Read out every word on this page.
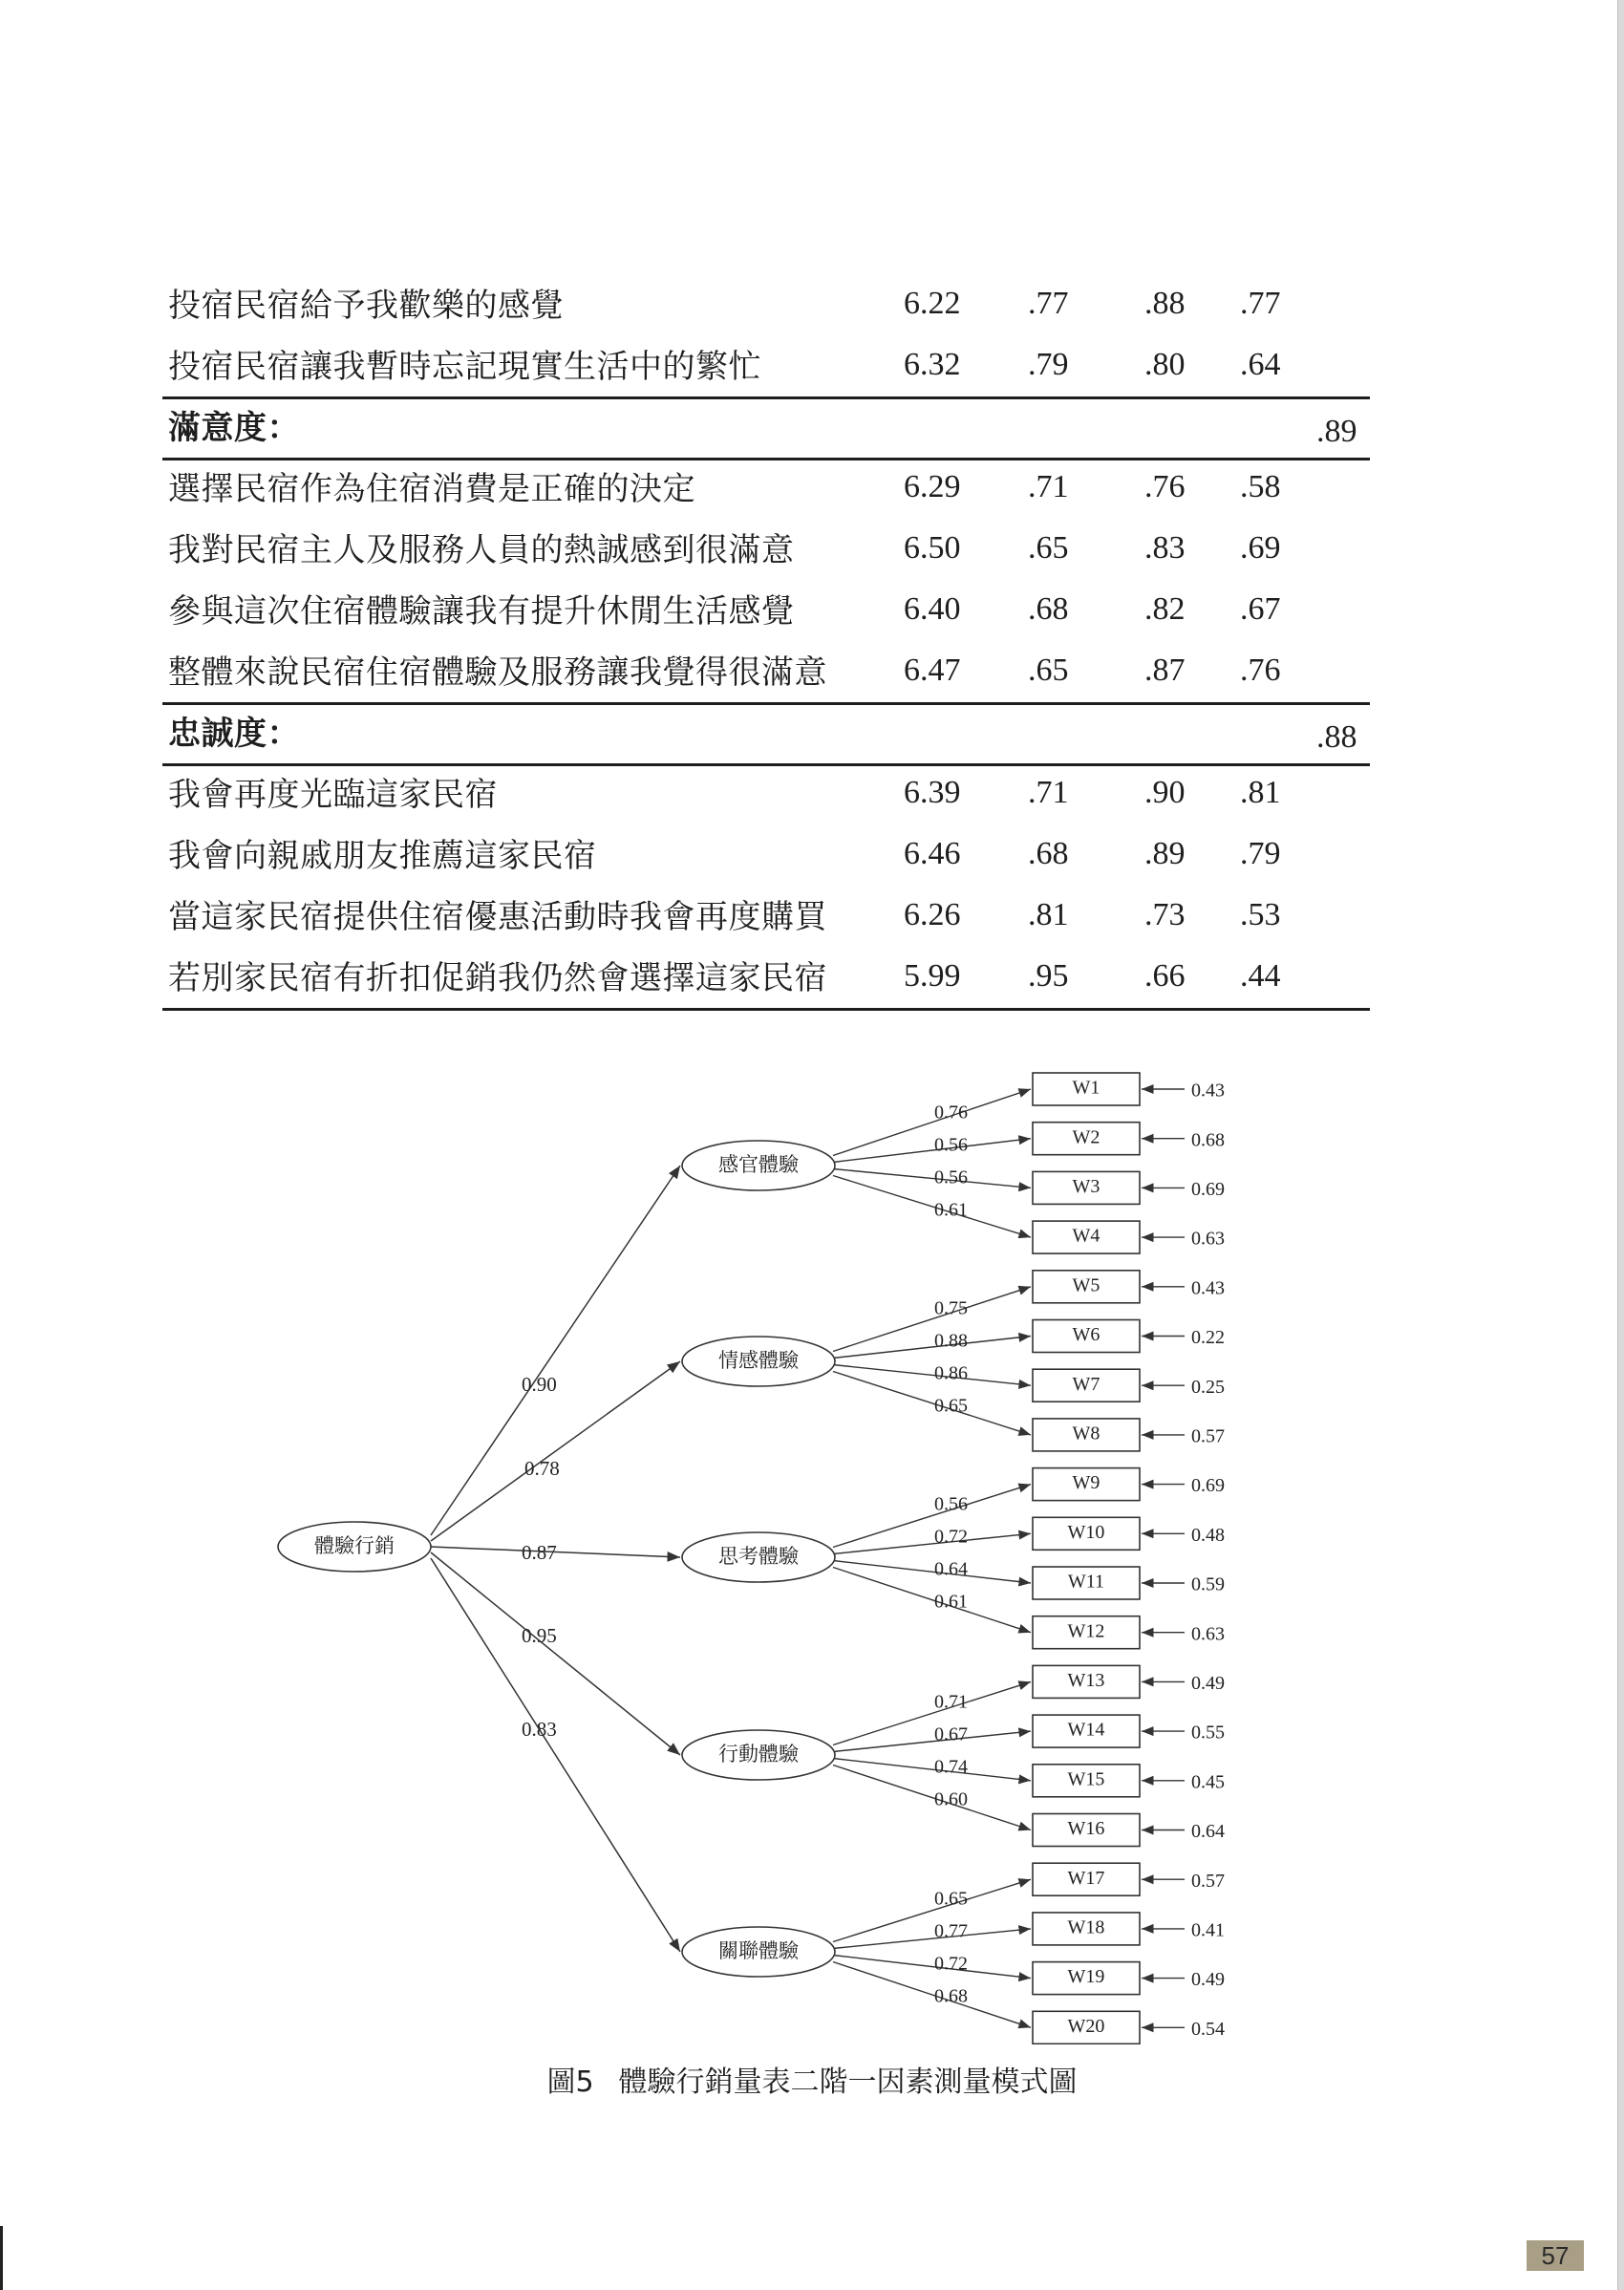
投宿民宿給予我歡樂的感覺	6.22 .77 .88 .77
投宿民宿讓我暫時忘記現實生活中的繁忙	6.32 .79 .80 .64
滿意度：	.89
選擇民宿作為住宿消費是正確的決定	6.29 .71 .76 .58
我對民宿主人及服務人員的熱誠感到很滿意	6.50 .65 .83 .69
參與這次住宿體驗讓我有提升休閒生活感覺	6.40 .68 .82 .67
整體來說民宿住宿體驗及服務讓我覺得很滿意 6.47 .65 .87 .76
忠誠度：	.88
我會再度光臨這家民宿	6.39 .71 .90 .81
我會向親戚朋友推薦這家民宿	6.46 .68 .89 .79
當這家民宿提供住宿優惠活動時我會再度購買 6.26 .81 .73 .53
若別家民宿有折扣促銷我仍然會選擇這家民宿 5.99 .95 .66 .44
體驗行銷
0.90
感官體驗
0.76
W1	0.43
0.56	W2	0.68
0.56	W3	0.69
0.61
W4	0.63
0.78
情感體驗
0.75
W5	0.43
0.88	W6	0.22
0.86
W7	0.25
0.65
W8	0.57
0.87	思考體驗
0.56
W9	0.69
0.72	W10	0.48
0.64
W11	0.59
0.61
W12	0.63
0.95
行動體驗
0.71
W13	0.49
0.67	W14	0.55
0.74
W15	0.45
0.60
W16	0.64
0.83
關聯體驗
0.65
W17	0.57
0.77	W18	0.41
0.72
W19	0.49
0.68
W20	0.54
圖5 體驗行銷量表二階一因素測量模式圖
57
